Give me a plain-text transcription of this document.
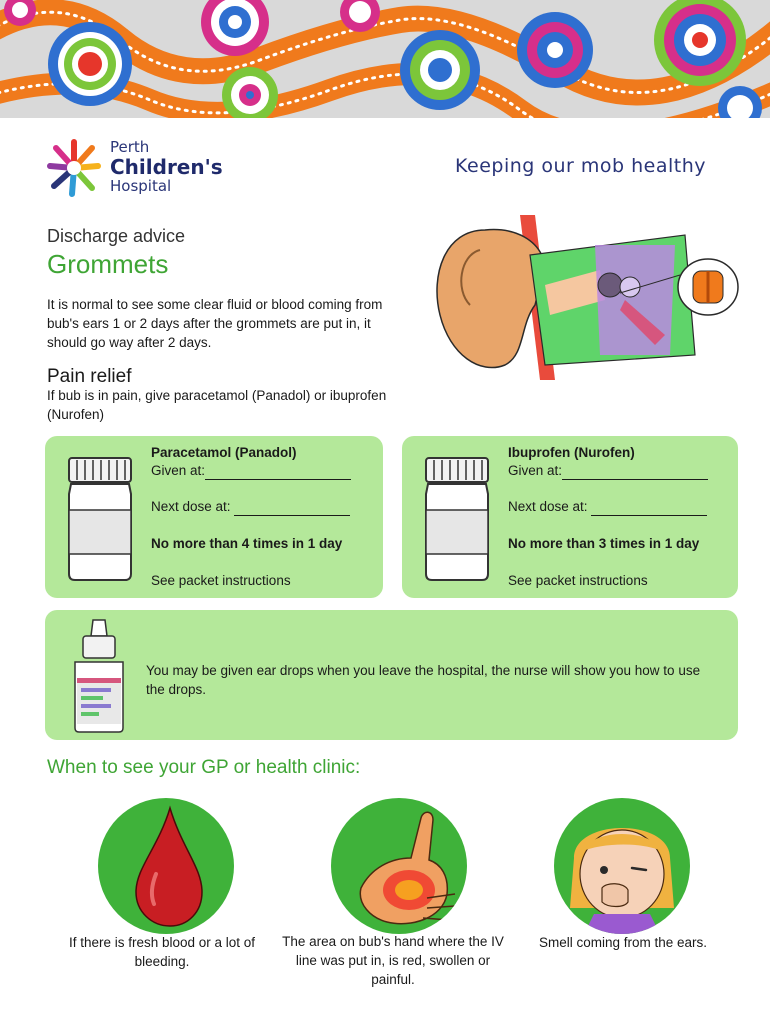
Perth
Children's
Hospital
Keeping our mob healthy
Discharge advice
Grommets
It is normal to see some clear fluid or blood coming from bub's ears 1 or 2 days after the grommets are put in, it should go way after 2 days.
Pain relief
If bub is in pain, give paracetamol (Panadol) or ibuprofen (Nurofen)
Paracetamol (Panadol)
Given at:
Next dose at:
No more than 4 times in 1 day
See packet instructions
Ibuprofen (Nurofen)
Given at:
Next dose at:
No more than 3 times in 1 day
See packet instructions
You may be given ear drops when you leave the hospital, the nurse will show you how to use the drops.
When to see your GP or health clinic:
If there is fresh blood or a lot of bleeding.
The area on bub's hand where the IV line was put in, is red, swollen or painful.
Smell coming from the ears.
